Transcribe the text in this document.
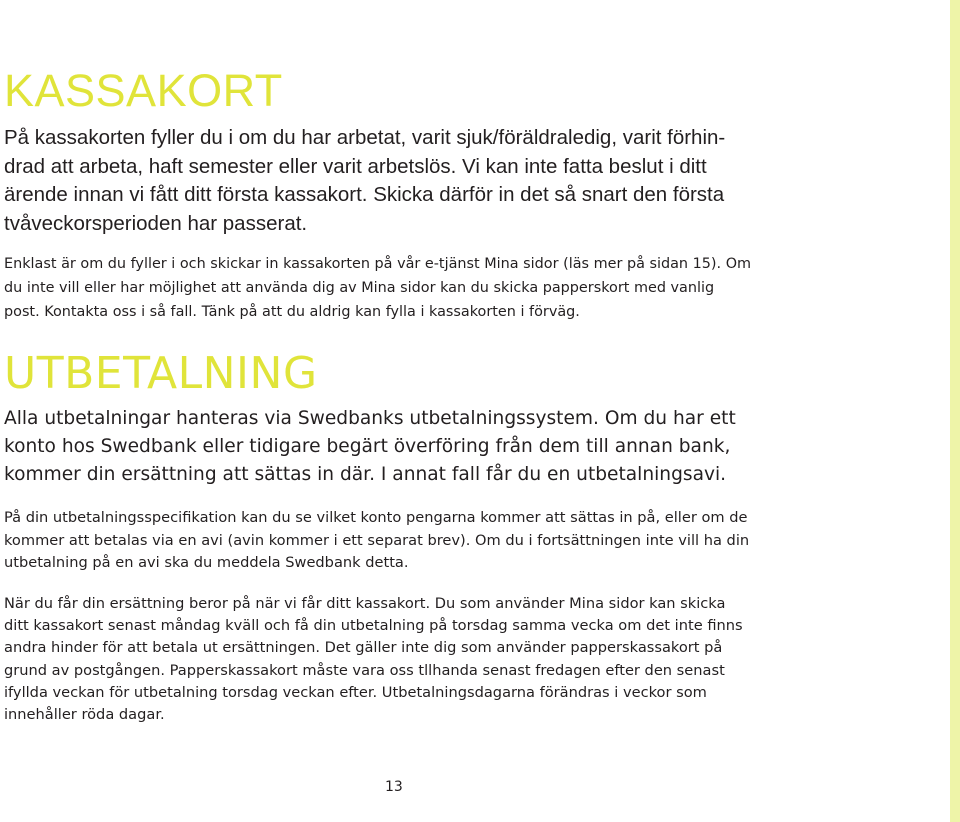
KASSAKORT

På kassakorten fyller du i om du har arbetat, varit sjuk/föräldraledig, varit förhin-
drad att arbeta, haft semester eller varit arbetslös. Vi kan inte fatta beslut i ditt
ärende innan vi fått ditt första kassakort. Skicka därför in det så snart den första
tvåveckorsperioden har passerat.

Enklast är om du fyller i och skickar in kassakorten på vår e-tjänst Mina sidor (läs mer på sidan 15). Om
du inte vill eller har möjlighet att använda dig av Mina sidor kan du skicka papperskort med vanlig
post. Kontakta oss i så fall. Tänk på att du aldrig kan fylla i kassakorten i förväg.

UTBETALNING

Alla utbetalningar hanteras via Swedbanks utbetalningssystem. Om du har ett
konto hos Swedbank eller tidigare begärt överföring från dem till annan bank,
kommer din ersättning att sättas in där. I annat fall får du en utbetalningsavi.

På din utbetalningsspecifikation kan du se vilket konto pengarna kommer att sättas in på, eller om de
kommer att betalas via en avi (avin kommer i ett separat brev). Om du i fortsättningen inte vill ha din
utbetalning på en avi ska du meddela Swedbank detta.

När du får din ersättning beror på när vi får ditt kassakort. Du som använder Mina sidor kan skicka
ditt kassakort senast måndag kväll och få din utbetalning på torsdag samma vecka om det inte finns
andra hinder för att betala ut ersättningen. Det gäller inte dig som använder papperskassakort på
grund av postgången. Papperskassakort måste vara oss tllhanda senast fredagen efter den senast
ifyllda veckan för utbetalning torsdag veckan efter. Utbetalningsdagarna förändras i veckor som
innehåller röda dagar.

13
